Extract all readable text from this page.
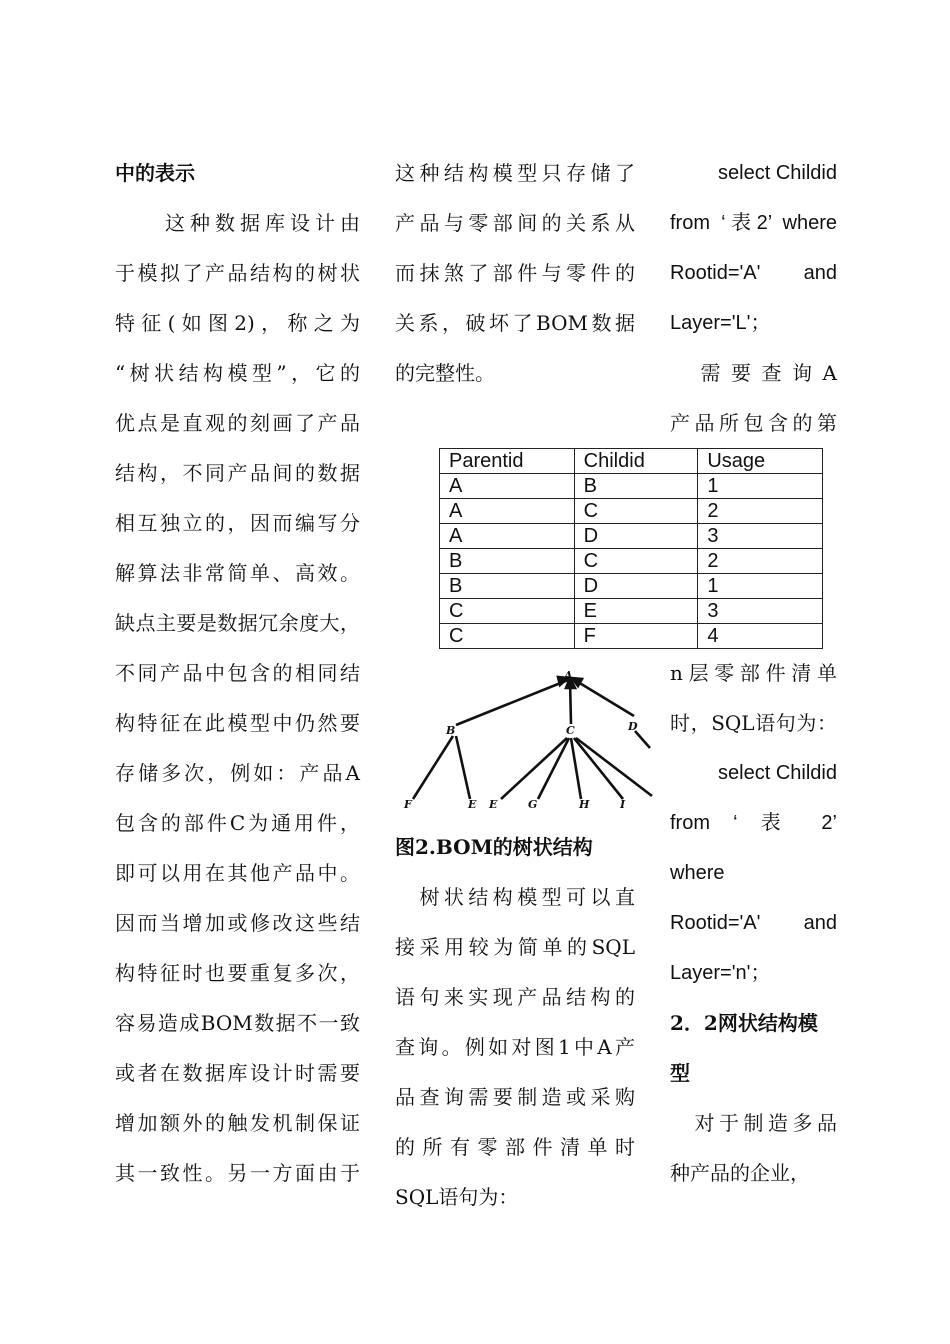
中的表示
　　这种数据库设计由
于模拟了产品结构的树状
特征(如图2)，称之为
“树状结构模型”，它的
优点是直观的刻画了产品
结构，不同产品间的数据
相互独立的，因而编写分
解算法非常简单、高效。
缺点主要是数据冗余度大，
不同产品中包含的相同结
构特征在此模型中仍然要
存储多次，例如：产品A
包含的部件C为通用件，
即可以用在其他产品中。
因而当增加或修改这些结
构特征时也要重复多次，
容易造成BOM数据不一致
或者在数据库设计时需要
增加额外的触发机制保证
其一致性。另一方面由于
这种结构模型只存储了
产品与零部间的关系从
而抹煞了部件与零件的
关系，破坏了BOM数据
的完整性。
Parentid	Childid	Usage
A	B	1
A	C	2
A	D	3
B	C	2
B	D	1
C	E	3
C	F	4
A
B	C	D
F	E E	G	H	I
图2.BOM的树状结构
　树状结构模型可以直
接采用较为简单的SQL
语句来实现产品结构的
查询。例如对图1中A产
品查询需要制造或采购
的所有零部件清单时
SQL语句为：
select Childid
from ‘表2’ where
Rootid='A' and
Layer='L'；
　需要查询A
产品所包含的第
n层零部件清单
时，SQL语句为：
select Childid
from ‘ 表 2’
where
Rootid='A' and
Layer='n'；
2．2网状结构模
型
　对于制造多品
种产品的企业，
